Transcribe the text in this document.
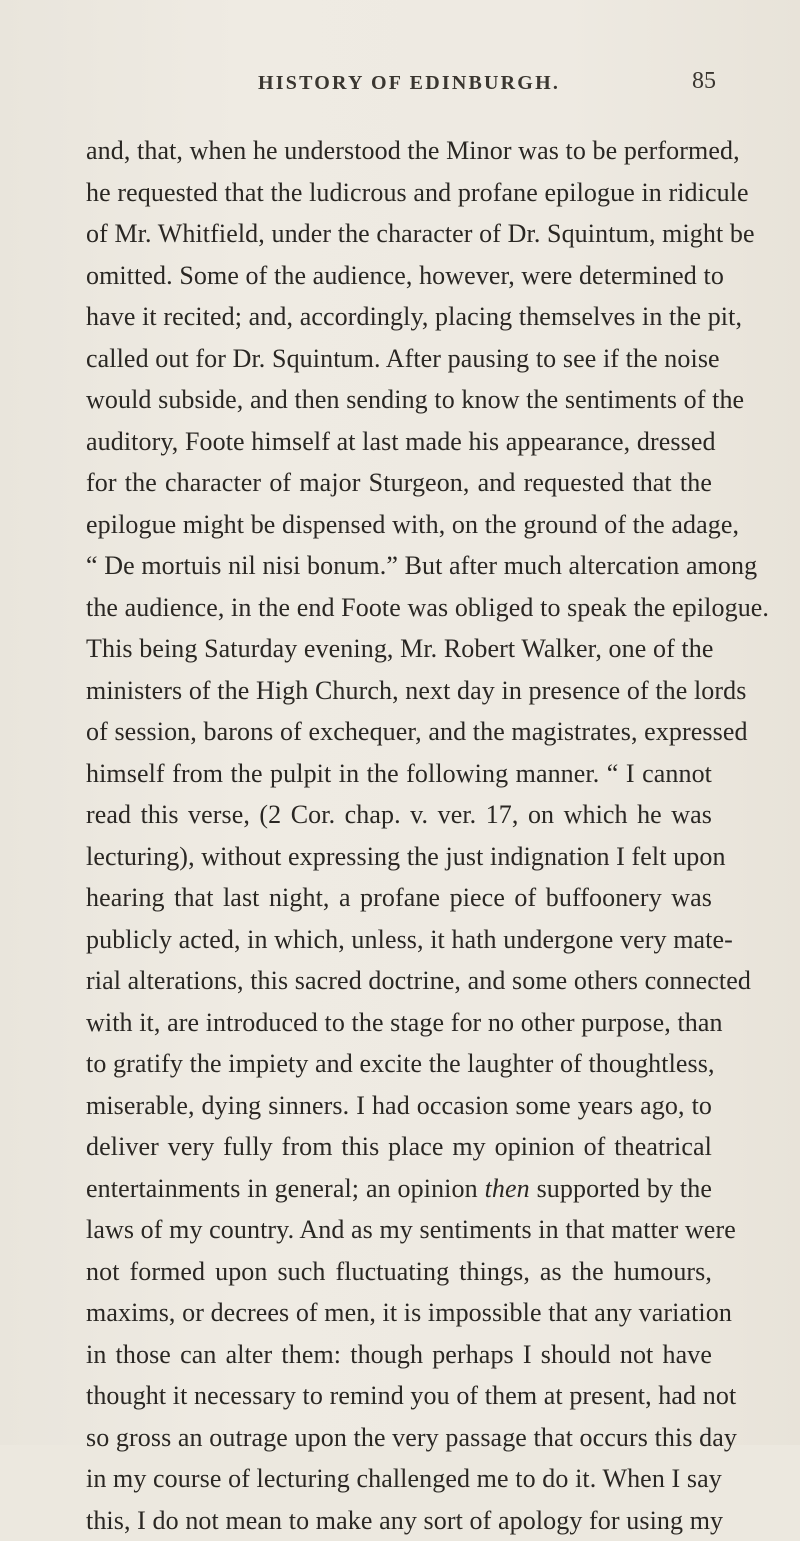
HISTORY OF EDINBURGH.	85
and, that, when he understood the Minor was to be performed,
he requested that the ludicrous and profane epilogue in ridicule
of Mr. Whitfield, under the character of Dr. Squintum, might be
omitted. Some of the audience, however, were determined to
have it recited; and, accordingly, placing themselves in the pit,
called out for Dr. Squintum. After pausing to see if the noise
would subside, and then sending to know the sentiments of the
auditory, Foote himself at last made his appearance, dressed
for the character of major Sturgeon, and requested that the
epilogue might be dispensed with, on the ground of the adage,
“ De mortuis nil nisi bonum.” But after much altercation among
the audience, in the end Foote was obliged to speak the epilogue.
This being Saturday evening, Mr. Robert Walker, one of the
ministers of the High Church, next day in presence of the lords
of session, barons of exchequer, and the magistrates, expressed
himself from the pulpit in the following manner. “ I cannot
read this verse, (2 Cor. chap. v. ver. 17, on which he was
lecturing), without expressing the just indignation I felt upon
hearing that last night, a profane piece of buffoonery was
publicly acted, in which, unless, it hath undergone very mate-
rial alterations, this sacred doctrine, and some others connected
with it, are introduced to the stage for no other purpose, than
to gratify the impiety and excite the laughter of thoughtless,
miserable, dying sinners. I had occasion some years ago, to
deliver very fully from this place my opinion of theatrical
entertainments in general; an opinion then supported by the
laws of my country. And as my sentiments in that matter were
not formed upon such fluctuating things, as the humours,
maxims, or decrees of men, it is impossible that any variation
in those can alter them: though perhaps I should not have
thought it necessary to remind you of them at present, had not
so gross an outrage upon the very passage that occurs this day
in my course of lecturing challenged me to do it. When I say
this, I do not mean to make any sort of apology for using my
